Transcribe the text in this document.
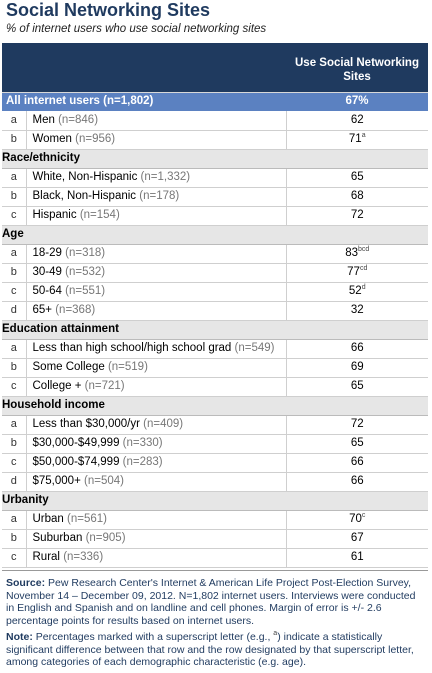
Social Networking Sites
% of internet users who use social networking sites
		Use Social Networking Sites
All internet users (n=1,802)		67%
a	Men (n=846)	62
b	Women (n=956)	71$^a$
Race/ethnicity		
a	White, Non-Hispanic (n=1,332)	65
b	Black, Non-Hispanic (n=178)	68
c	Hispanic (n=154)	72
Age		
a	18-29 (n=318)	$83^{bcd}$
b	30-49 (n=532)	$77^{cd}$
c	50-64 (n=551)	52$^d$
d	65+ (n=368)	32
Education attainment		
a	Less than high school/high school grad (n=549)	66
b	Some College (n=519)	69
c	College + (n=721)	65
Household income		
a	Less than $30,000/yr (n=409)	72
b	$30,000-$49,999 (n=330)	65
c	$50,000-$74,999 (n=283)	66
d	$75,000+ (n=504)	66
Urbanity		
a	Urban (n=561)	70$^c$
b	Suburban (n=905)	67
c	Rural (n=336)	61
Source: Pew Research Center's Internet & American Life Project Post-Election Survey, November 14 – December 09, 2012. N=1,802 internet users. Interviews were conducted in English and Spanish and on landline and cell phones. Margin of error is +/- 2.6 percentage points for results based on internet users.
Note: Percentages marked with a superscript letter (e.g., $^a$) indicate a statistically significant difference between that row and the row designated by that superscript letter, among categories of each demographic characteristic (e.g. age).
